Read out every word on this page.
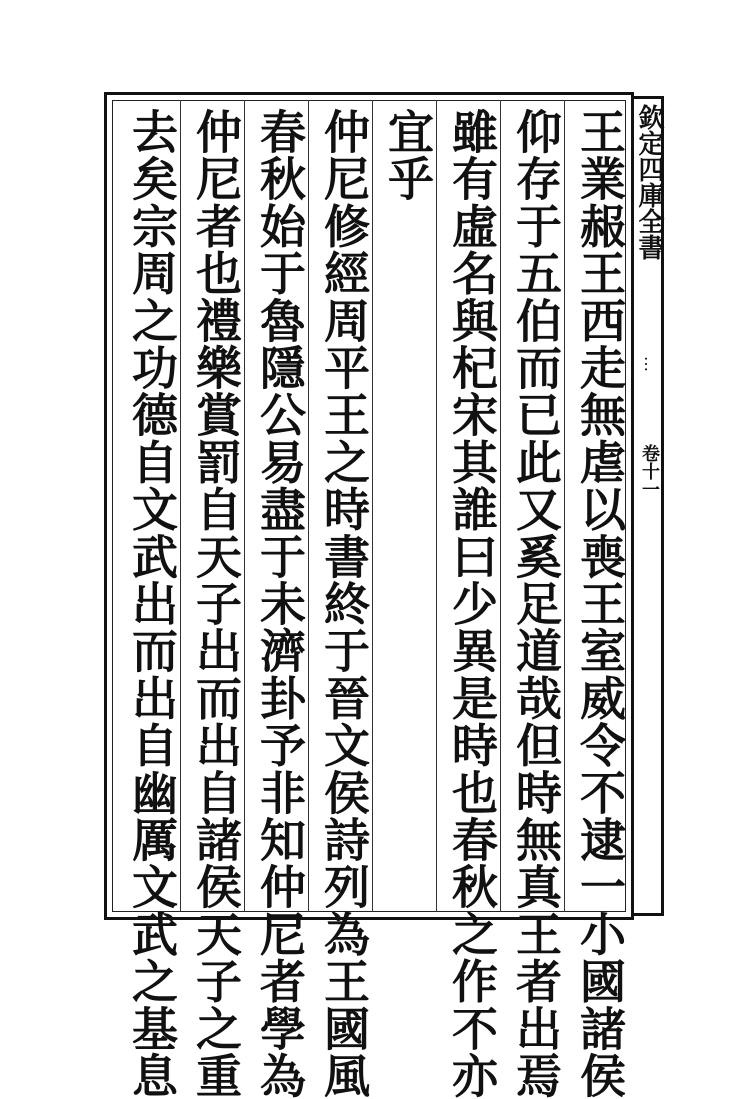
欽定四庫全書
…
卷十一
王業赧王西走無虐以喪王室威令不逮一小國諸侯
仰存于五伯而已此又奚足道哉但時無真王者出焉
雖有虛名與杞宋其誰曰少異是時也春秋之作不亦
宜乎
仲尼修經周平王之時書終于晉文侯詩列為王國風
春秋始于魯隱公易盡于未濟卦予非知仲尼者學為
仲尼者也禮樂賞罰自天子出而出自諸侯天子之重
去矣宗周之功德自文武出而出自幽厲文武之基息
